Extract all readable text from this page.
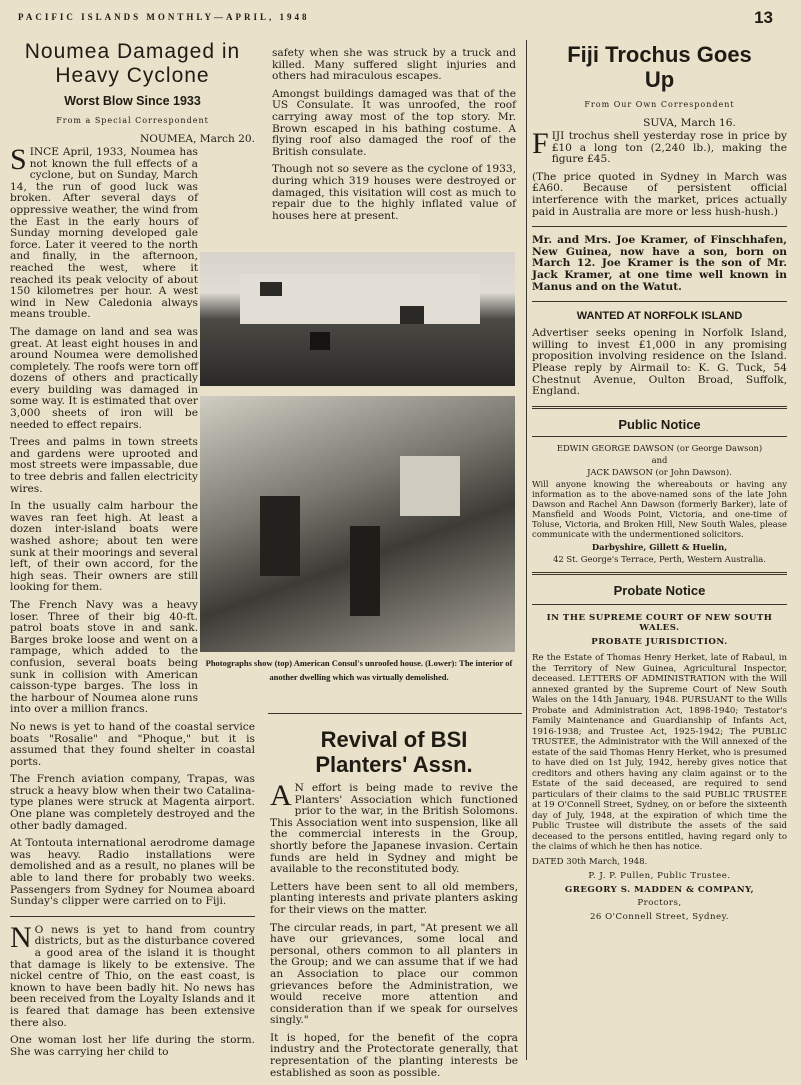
PACIFIC ISLANDS MONTHLY—APRIL, 1948	13
Noumea Damaged in
Heavy Cyclone
Worst Blow Since 1933
From a Special Correspondent
NOUMEA, March 20.

SINCE April, 1933, Noumea has not known the full effects of a cyclone, but on Sunday, March 14, the run of good luck was broken. After several days of oppressive weather, the wind from the East in the early hours of Sunday morning developed gale force. Later it veered to the north and finally, in the afternoon, reached the west, where it reached its peak velocity of about 150 kilometres per hour. A west wind in New Caledonia always means trouble.

The damage on land and sea was great. At least eight houses in and around Noumea were demolished completely. The roofs were torn off dozens of others and practically every building was damaged in some way. It is estimated that over 3,000 sheets of iron will be needed to effect repairs.

Trees and palms in town streets and gardens were uprooted and most streets were impassable, due to tree debris and fallen electricity wires.

In the usually calm harbour the waves ran feet high. At least a dozen inter-island boats were washed ashore; about ten were sunk at their moorings and several left, of their own accord, for the high seas. Their owners are still looking for them.

The French Navy was a heavy loser. Three of their big 40-ft. patrol boats stove in and sank. Barges broke loose and went on a rampage, which added to the confusion, several boats being sunk in collision with American caisson-type barges. The loss in the harbour of Noumea alone runs into over a million francs.

No news is yet to hand of the coastal service boats "Rosalie" and "Phoque," but it is assumed that they found shelter in coastal ports.

The French aviation company, Trapas, was struck a heavy blow when their two Catalina-type planes were struck at Magenta airport. One plane was completely destroyed and the other badly damaged.

At Tontouta international aerodrome damage was heavy. Radio installations were demolished and as a result, no planes will be able to land there for probably two weeks. Passengers from Sydney for Noumea aboard Sunday's clipper were carried on to Fiji.

N O news is yet to hand from country districts, but as the disturbance covered a good area of the island it is thought that damage is likely to be extensive. The nickel centre of Thio, on the east coast, is known to have been badly hit. No news has been received from the Loyalty Islands and it is feared that damage has been extensive there also.

One woman lost her life during the storm. She was carrying her child to

safety when she was struck by a truck and killed. Many suffered slight injuries and others had miraculous escapes.

Amongst buildings damaged was that of the US Consulate. It was unroofed, the roof carrying away most of the top story. Mr. Brown escaped in his bathing costume. A flying roof also damaged the roof of the British consulate.

Though not so severe as the cyclone of 1933, during which 319 houses were destroyed or damaged, this visitation will cost as much to repair due to the highly inflated value of houses here at present.

Photographs show (top) American Consul's unroofed house. (Lower): The interior of another dwelling which was virtually demolished.
Revival of BSI
Planters' Assn.

A N effort is being made to revive the Planters' Association which functioned prior to the war, in the British Solomons. This Association went into suspension, like all the commercial interests in the Group, shortly before the Japanese invasion. Certain funds are held in Sydney and might be available to the reconstituted body.

Letters have been sent to all old members, planting interests and private planters asking for their views on the matter.

The circular reads, in part, "At present we all have our grievances, some local and personal, others common to all planters in the Group; and we can assume that if we had an Association to place our common grievances before the Administration, we would receive more attention and consideration than if we speak for ourselves singly."

It is hoped, for the benefit of the copra industry and the Protectorate generally, that representation of the planting interests be established as soon as possible.

Fiji Trochus Goes
Up
From Our Own Correspondent
SUVA, March 16.

FIJI trochus shell yesterday rose in price by £10 a long ton (2,240 lb.), making the figure £45.

(The price quoted in Sydney in March was £A60. Because of persistent official interference with the market, prices actually paid in Australia are more or less hush-hush.)

Mr. and Mrs. Joe Kramer, of Finschhafen, New Guinea, now have a son, born on March 12. Joe Kramer is the son of Mr. Jack Kramer, at one time well known in Manus and on the Watut.

WANTED AT NORFOLK ISLAND

Advertiser seeks opening in Norfolk Island, willing to invest £1,000 in any promising proposition involving residence on the Island. Please reply by Airmail to: K. G. Tuck, 54 Chestnut Avenue, Oulton Broad, Suffolk, England.

Public Notice
EDWIN GEORGE DAWSON (or George Dawson)
and
JACK DAWSON (or John Dawson).
Will anyone knowing the whereabouts or having any information as to the above-named sons of the late John Dawson and Rachel Ann Dawson (formerly Barker), late of Mansfield and Woods Point, Victoria, and one-time of Toluse, Victoria, and Broken Hill, New South Wales, please communicate with the undermentioned solicitors.
Darbyshire, Gillett & Huelin,
42 St. George's Terrace, Perth, Western Australia.
Probate Notice
IN THE SUPREME COURT OF NEW SOUTH WALES.
PROBATE JURISDICTION.
Re the Estate of Thomas Henry Herket, late of Rabaul, in the Territory of New Guinea, Agricultural Inspector, deceased. LETTERS OF ADMINISTRATION with the Will annexed granted by the Supreme Court of New South Wales on the 14th January, 1948. PURSUANT to the Wills Probate and Administration Act, 1898-1940; Testator's Family Maintenance and Guardianship of Infants Act, 1916-1938; and Trustee Act, 1925-1942; The PUBLIC TRUSTEE, the Administrator with the Will annexed of the estate of the said Thomas Henry Herket, who is presumed to have died on 1st July, 1942, hereby gives notice that creditors and others having any claim against or to the Estate of the said deceased, are required to send particulars of their claims to the said PUBLIC TRUSTEE at 19 O'Connell Street, Sydney, on or before the sixteenth day of July, 1948, at the expiration of which time the Public Trustee will distribute the assets of the said deceased to the persons entitled, having regard only to the claims of which he then has notice.
DATED 30th March, 1948.
P. J. P. Pullen, Public Trustee.
GREGORY S. MADDEN & COMPANY,
Proctors,
26 O'Connell Street, Sydney.
